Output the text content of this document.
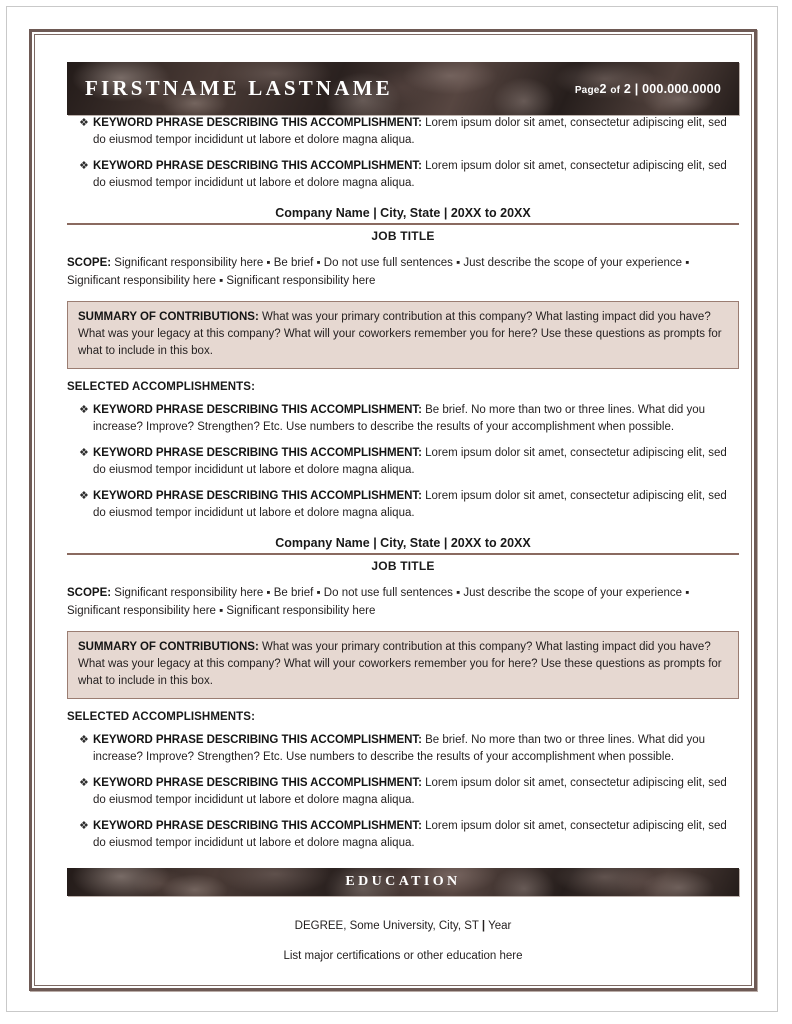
FIRSTNAME LASTNAME	Page2 of 2 | 000.000.0000
❖ KEYWORD PHRASE DESCRIBING THIS ACCOMPLISHMENT: Lorem ipsum dolor sit amet, consectetur adipiscing elit, sed do eiusmod tempor incididunt ut labore et dolore magna aliqua.
❖ KEYWORD PHRASE DESCRIBING THIS ACCOMPLISHMENT: Lorem ipsum dolor sit amet, consectetur adipiscing elit, sed do eiusmod tempor incididunt ut labore et dolore magna aliqua.
Company Name | City, State | 20XX to 20XX
JOB TITLE
SCOPE: Significant responsibility here ▪ Be brief ▪ Do not use full sentences ▪ Just describe the scope of your experience ▪ Significant responsibility here ▪ Significant responsibility here
SUMMARY OF CONTRIBUTIONS: What was your primary contribution at this company? What lasting impact did you have? What was your legacy at this company? What will your coworkers remember you for here? Use these questions as prompts for what to include in this box.
SELECTED ACCOMPLISHMENTS:
❖ KEYWORD PHRASE DESCRIBING THIS ACCOMPLISHMENT: Be brief. No more than two or three lines. What did you increase? Improve? Strengthen? Etc. Use numbers to describe the results of your accomplishment when possible.
❖ KEYWORD PHRASE DESCRIBING THIS ACCOMPLISHMENT: Lorem ipsum dolor sit amet, consectetur adipiscing elit, sed do eiusmod tempor incididunt ut labore et dolore magna aliqua.
❖ KEYWORD PHRASE DESCRIBING THIS ACCOMPLISHMENT: Lorem ipsum dolor sit amet, consectetur adipiscing elit, sed do eiusmod tempor incididunt ut labore et dolore magna aliqua.
Company Name | City, State | 20XX to 20XX
JOB TITLE
SCOPE: Significant responsibility here ▪ Be brief ▪ Do not use full sentences ▪ Just describe the scope of your experience ▪ Significant responsibility here ▪ Significant responsibility here
SUMMARY OF CONTRIBUTIONS: What was your primary contribution at this company? What lasting impact did you have? What was your legacy at this company? What will your coworkers remember you for here? Use these questions as prompts for what to include in this box.
SELECTED ACCOMPLISHMENTS:
❖ KEYWORD PHRASE DESCRIBING THIS ACCOMPLISHMENT: Be brief. No more than two or three lines. What did you increase? Improve? Strengthen? Etc. Use numbers to describe the results of your accomplishment when possible.
❖ KEYWORD PHRASE DESCRIBING THIS ACCOMPLISHMENT: Lorem ipsum dolor sit amet, consectetur adipiscing elit, sed do eiusmod tempor incididunt ut labore et dolore magna aliqua.
❖ KEYWORD PHRASE DESCRIBING THIS ACCOMPLISHMENT: Lorem ipsum dolor sit amet, consectetur adipiscing elit, sed do eiusmod tempor incididunt ut labore et dolore magna aliqua.
EDUCATION
DEGREE, Some University, City, ST | Year
List major certifications or other education here
